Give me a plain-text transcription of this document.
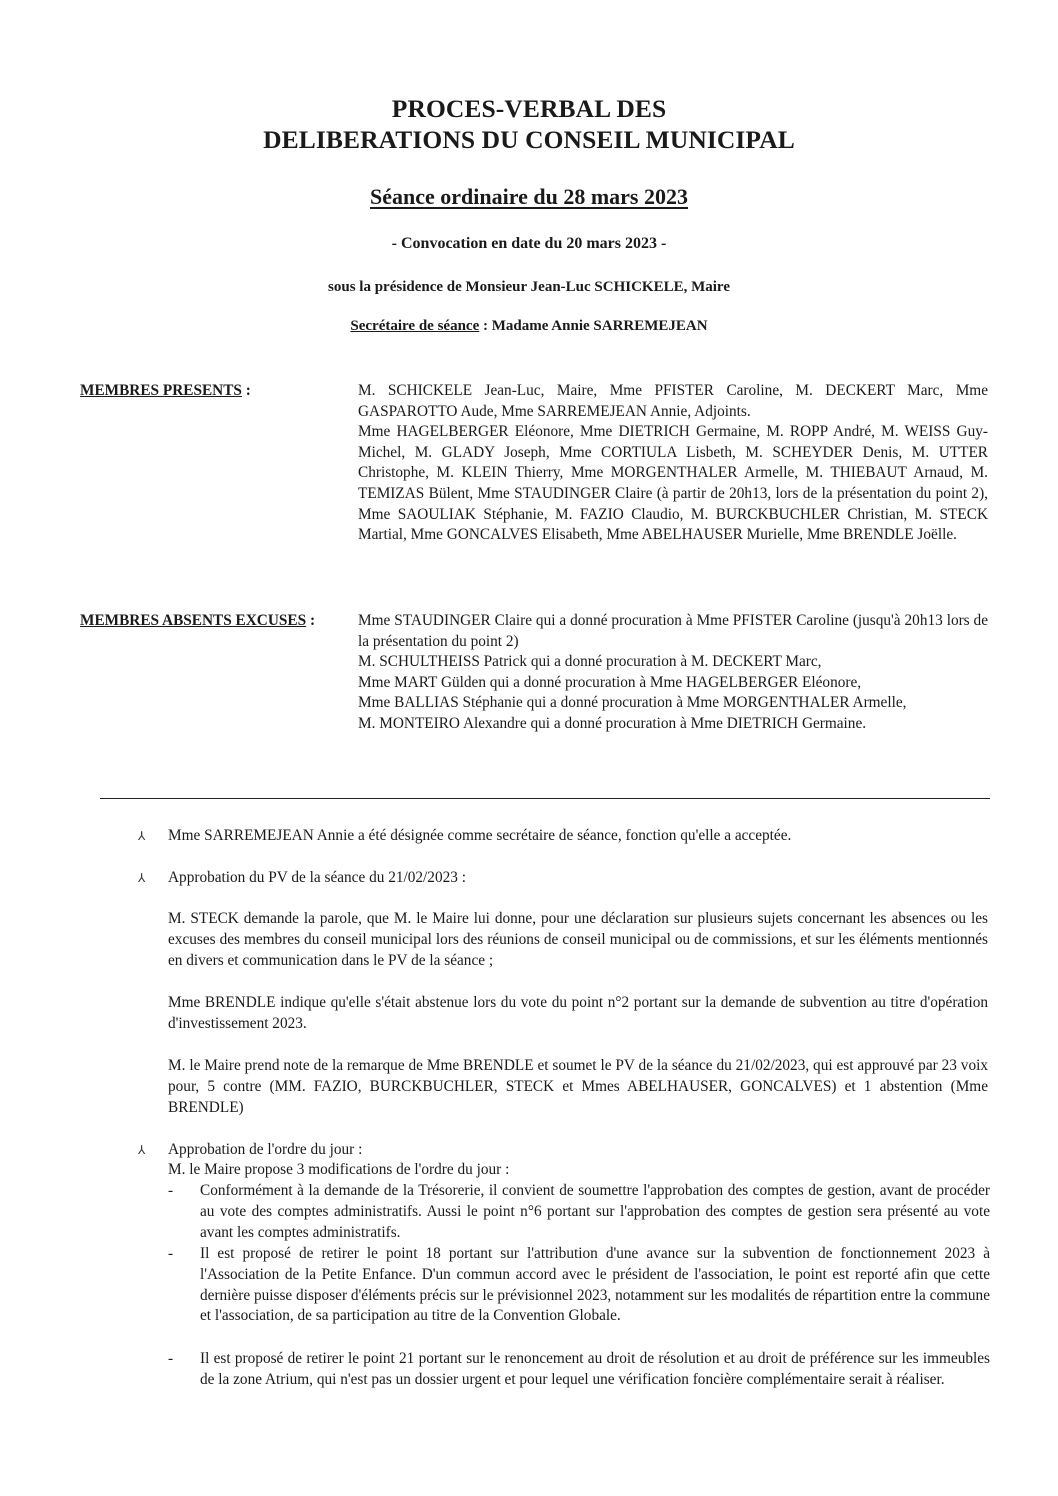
PROCES-VERBAL DES
DELIBERATIONS DU CONSEIL MUNICIPAL
Séance ordinaire du 28 mars 2023
- Convocation en date du 20 mars 2023 -
sous la présidence de Monsieur Jean-Luc SCHICKELE, Maire
Secrétaire de séance : Madame Annie SARREMEJEAN
MEMBRES PRESENTS :	M. SCHICKELE Jean-Luc, Maire, Mme PFISTER Caroline, M. DECKERT Marc, Mme GASPAROTTO Aude, Mme SARREMEJEAN Annie, Adjoints.

Mme HAGELBERGER Eléonore, Mme DIETRICH Germaine, M. ROPP André, M. WEISS Guy-Michel, M. GLADY Joseph, Mme CORTIULA Lisbeth, M. SCHEYDER Denis, M. UTTER Christophe, M. KLEIN Thierry, Mme MORGENTHALER Armelle, M. THIEBAUT Arnaud, M. TEMIZAS Bülent, Mme STAUDINGER Claire (à partir de 20h13, lors de la présentation du point 2), Mme SAOULIAK Stéphanie, M. FAZIO Claudio, M. BURCKBUCHLER Christian, M. STECK Martial, Mme GONCALVES Elisabeth, Mme ABELHAUSER Murielle, Mme BRENDLE Joëlle.

MEMBRES ABSENTS EXCUSES :	Mme STAUDINGER Claire qui a donné procuration à Mme PFISTER Caroline (jusqu'à 20h13 lors de la présentation du point 2)

M. SCHULTHEISS Patrick qui a donné procuration à M. DECKERT Marc,

Mme MART Gülden qui a donné procuration à Mme HAGELBERGER Eléonore,

Mme BALLIAS Stéphanie qui a donné procuration à Mme MORGENTHALER Armelle,

M. MONTEIRO Alexandre qui a donné procuration à Mme DIETRICH Germaine.

⅄	Mme SARREMEJEAN Annie a été désignée comme secrétaire de séance, fonction qu'elle a acceptée.
⅄	Approbation du PV de la séance du 21/02/2023 :

M. STECK demande la parole, que M. le Maire lui donne, pour une déclaration sur plusieurs sujets concernant les absences ou les excuses des membres du conseil municipal lors des réunions de conseil municipal ou de commissions, et sur les éléments mentionnés en divers et communication dans le PV de la séance ;

Mme BRENDLE indique qu'elle s'était abstenue lors du vote du point n°2 portant sur la demande de subvention au titre d'opération d'investissement 2023.

M. le Maire prend note de la remarque de Mme BRENDLE et soumet le PV de la séance du 21/02/2023, qui est approuvé par 23 voix pour, 5 contre (MM. FAZIO, BURCKBUCHLER, STECK et Mmes ABELHAUSER, GONCALVES) et 1 abstention (Mme BRENDLE)

⅄	Approbation de l'ordre du jour :

M. le Maire propose 3 modifications de l'ordre du jour :

- Conformément à la demande de la Trésorerie, il convient de soumettre l'approbation des comptes de gestion, avant de procéder au vote des comptes administratifs. Aussi le point n°6 portant sur l'approbation des comptes de gestion sera présenté au vote avant les comptes administratifs.
- Il est proposé de retirer le point 18 portant sur l'attribution d'une avance sur la subvention de fonctionnement 2023 à l'Association de la Petite Enfance. D'un commun accord avec le président de l'association, le point est reporté afin que cette dernière puisse disposer d'éléments précis sur le prévisionnel 2023, notamment sur les modalités de répartition entre la commune et l'association, de sa participation au titre de la Convention Globale.
- Il est proposé de retirer le point 21 portant sur le renoncement au droit de résolution et au droit de préférence sur les immeubles de la zone Atrium, qui n'est pas un dossier urgent et pour lequel une vérification foncière complémentaire serait à réaliser.
